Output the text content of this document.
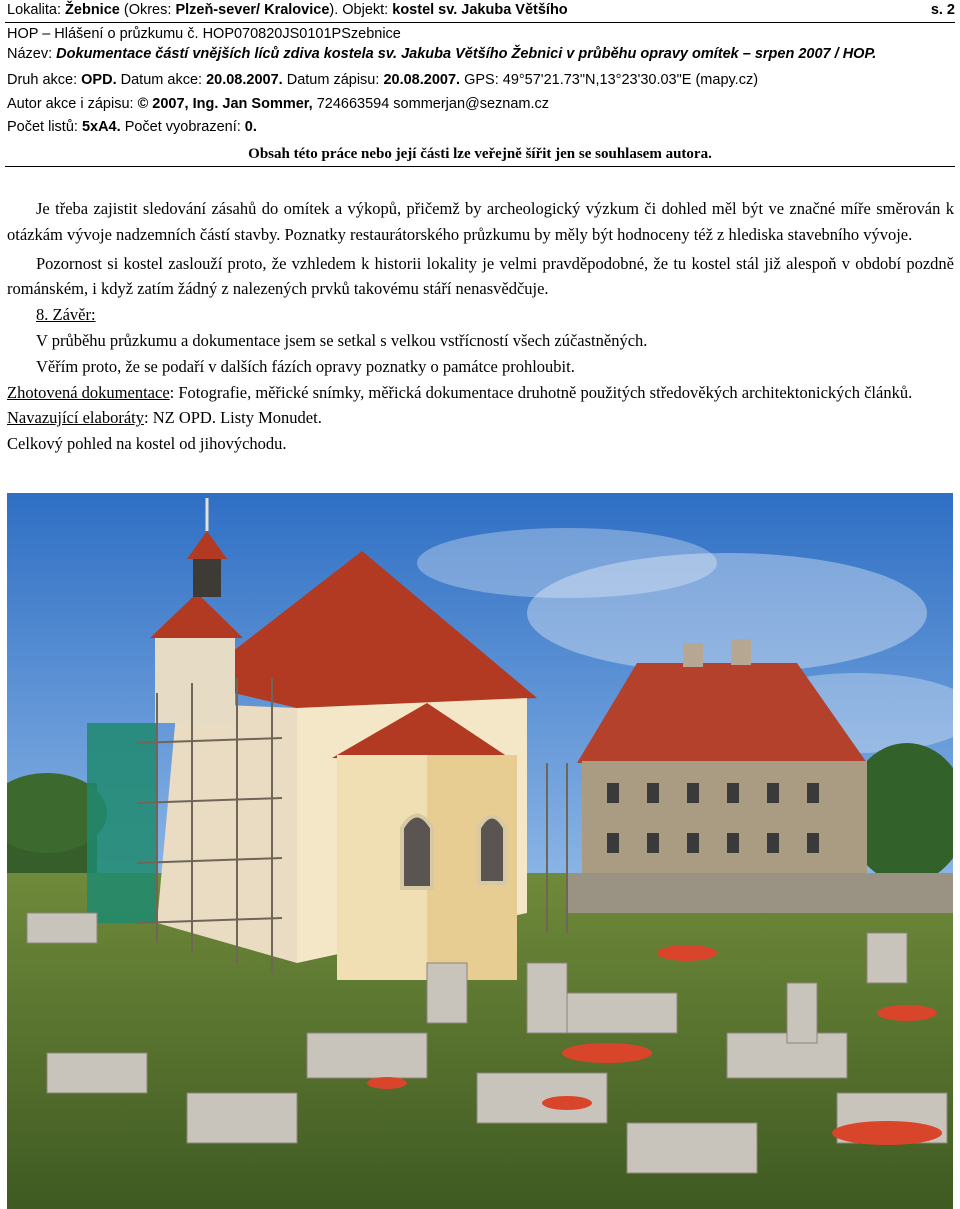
Lokalita: Žebnice (Okres: Plzeň-sever/ Kralovice). Objekt: kostel sv. Jakuba Většího	s. 2
HOP – Hlášení o průzkumu č. HOP070820JS0101PSzebnice
Název: Dokumentace částí vnějších líců zdiva kostela sv. Jakuba Většího Žebnici v průběhu opravy omítek – srpen 2007 / HOP.
Druh akce: OPD. Datum akce: 20.08.2007. Datum zápisu: 20.08.2007. GPS: 49°57'21.73"N,13°23'30.03"E (mapy.cz)
Autor akce i zápisu: © 2007, Ing. Jan Sommer, 724663594 sommerjan@seznam.cz
Počet listů: 5xA4. Počet vyobrazení: 0.
Obsah této práce nebo její části lze veřejně šířit jen se souhlasem autora.

Je třeba zajistit sledování zásahů do omítek a výkopů, přičemž by archeologický výzkum či dohled měl být ve značné míře směrován k otázkám vývoje nadzemních částí stavby. Poznatky restaurátorského průzkumu by měly být hodnoceny též z hlediska stavebního vývoje.

Pozornost si kostel zaslouží proto, že vzhledem k historii lokality je velmi pravděpodobné, že tu kostel stál již alespoň v období pozdně románském, i když zatím žádný z nalezených prvků takovému stáří nenasvědčuje.

8. Závěr:

V průběhu průzkumu a dokumentace jsem se setkal s velkou vstřícností všech zúčastněných.

Věřím proto, že se podaří v dalších fázích opravy poznatky o památce prohloubit.

Zhotovená dokumentace: Fotografie, měřické snímky, měřická dokumentace druhotně použitých středověkých architektonických článků.

Navazující elaboráty: NZ OPD. Listy Monudet.

Celkový pohled na kostel od jihovýchodu.
